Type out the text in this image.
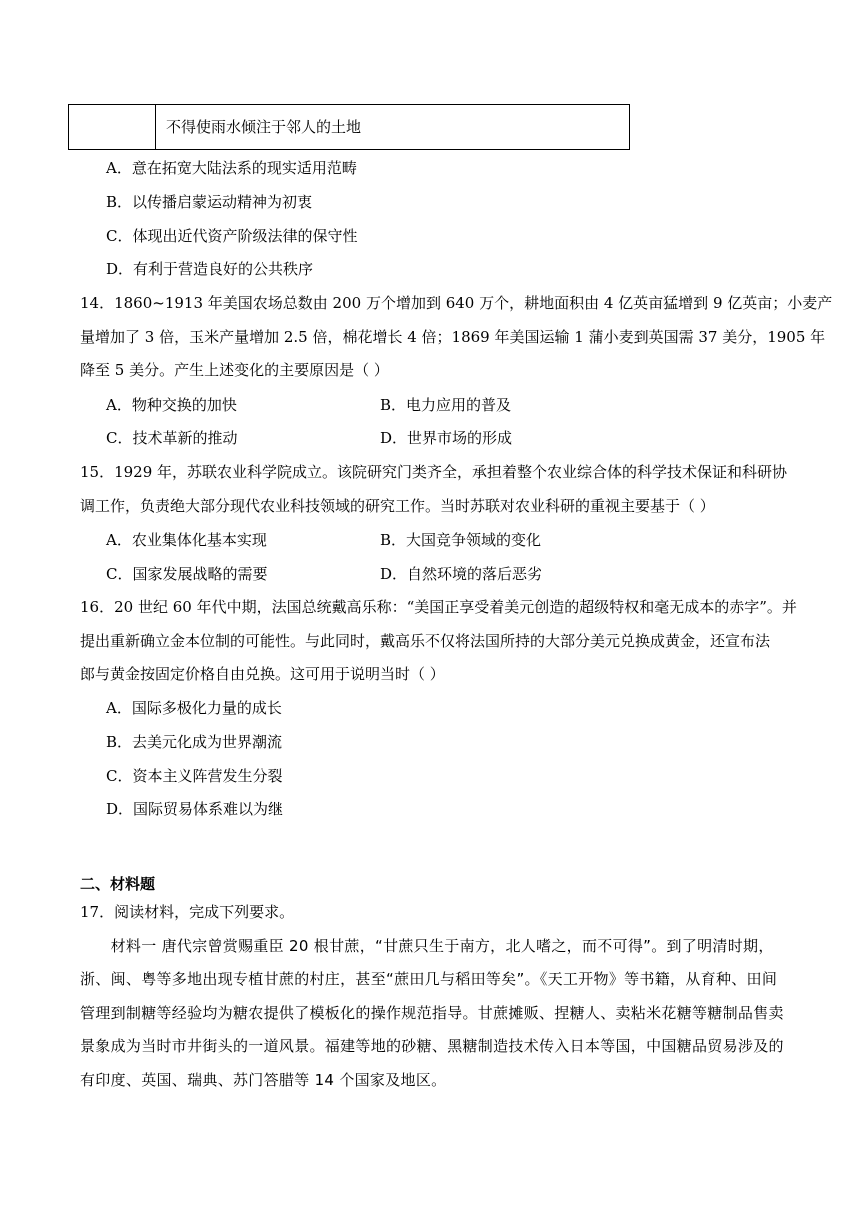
不得使雨水倾注于邻人的土地
A．意在拓宽大陆法系的现实适用范畴
B．以传播启蒙运动精神为初衷
C．体现出近代资产阶级法律的保守性
D．有利于营造良好的公共秩序
14．1860~1913 年美国农场总数由 200 万个增加到 640 万个，耕地面积由 4 亿英亩猛增到 9 亿英亩；小麦产
量增加了 3 倍，玉米产量增加 2.5 倍，棉花增长 4 倍；1869 年美国运输 1 蒲小麦到英国需 37 美分，1905 年
降至 5 美分。产生上述变化的主要原因是（ ）
A．物种交换的加快	B．电力应用的普及
C．技术革新的推动	D．世界市场的形成
15．1929 年，苏联农业科学院成立。该院研究门类齐全，承担着整个农业综合体的科学技术保证和科研协
调工作，负责绝大部分现代农业科技领域的研究工作。当时苏联对农业科研的重视主要基于（ ）
A．农业集体化基本实现	B．大国竞争领域的变化
C．国家发展战略的需要	D．自然环境的落后恶劣
16．20 世纪 60 年代中期，法国总统戴高乐称：“美国正享受着美元创造的超级特权和毫无成本的赤字”。并
提出重新确立金本位制的可能性。与此同时，戴高乐不仅将法国所持的大部分美元兑换成黄金，还宣布法
郎与黄金按固定价格自由兑换。这可用于说明当时（ ）
A．国际多极化力量的成长
B．去美元化成为世界潮流
C．资本主义阵营发生分裂
D．国际贸易体系难以为继
二、材料题
17．阅读材料，完成下列要求。
　　材料一 唐代宗曾赏赐重臣 20 根甘蔗，“甘蔗只生于南方，北人嗜之，而不可得”。到了明清时期，
浙、闽、粤等多地出现专植甘蔗的村庄，甚至“蔗田几与稻田等矣”。《天工开物》等书籍，从育种、田间
管理到制糖等经验均为糖农提供了模板化的操作规范指导。甘蔗摊贩、捏糖人、卖粘米花糖等糖制品售卖
景象成为当时市井街头的一道风景。福建等地的砂糖、黑糖制造技术传入日本等国，中国糖品贸易涉及的
有印度、英国、瑞典、苏门答腊等 14 个国家及地区。
